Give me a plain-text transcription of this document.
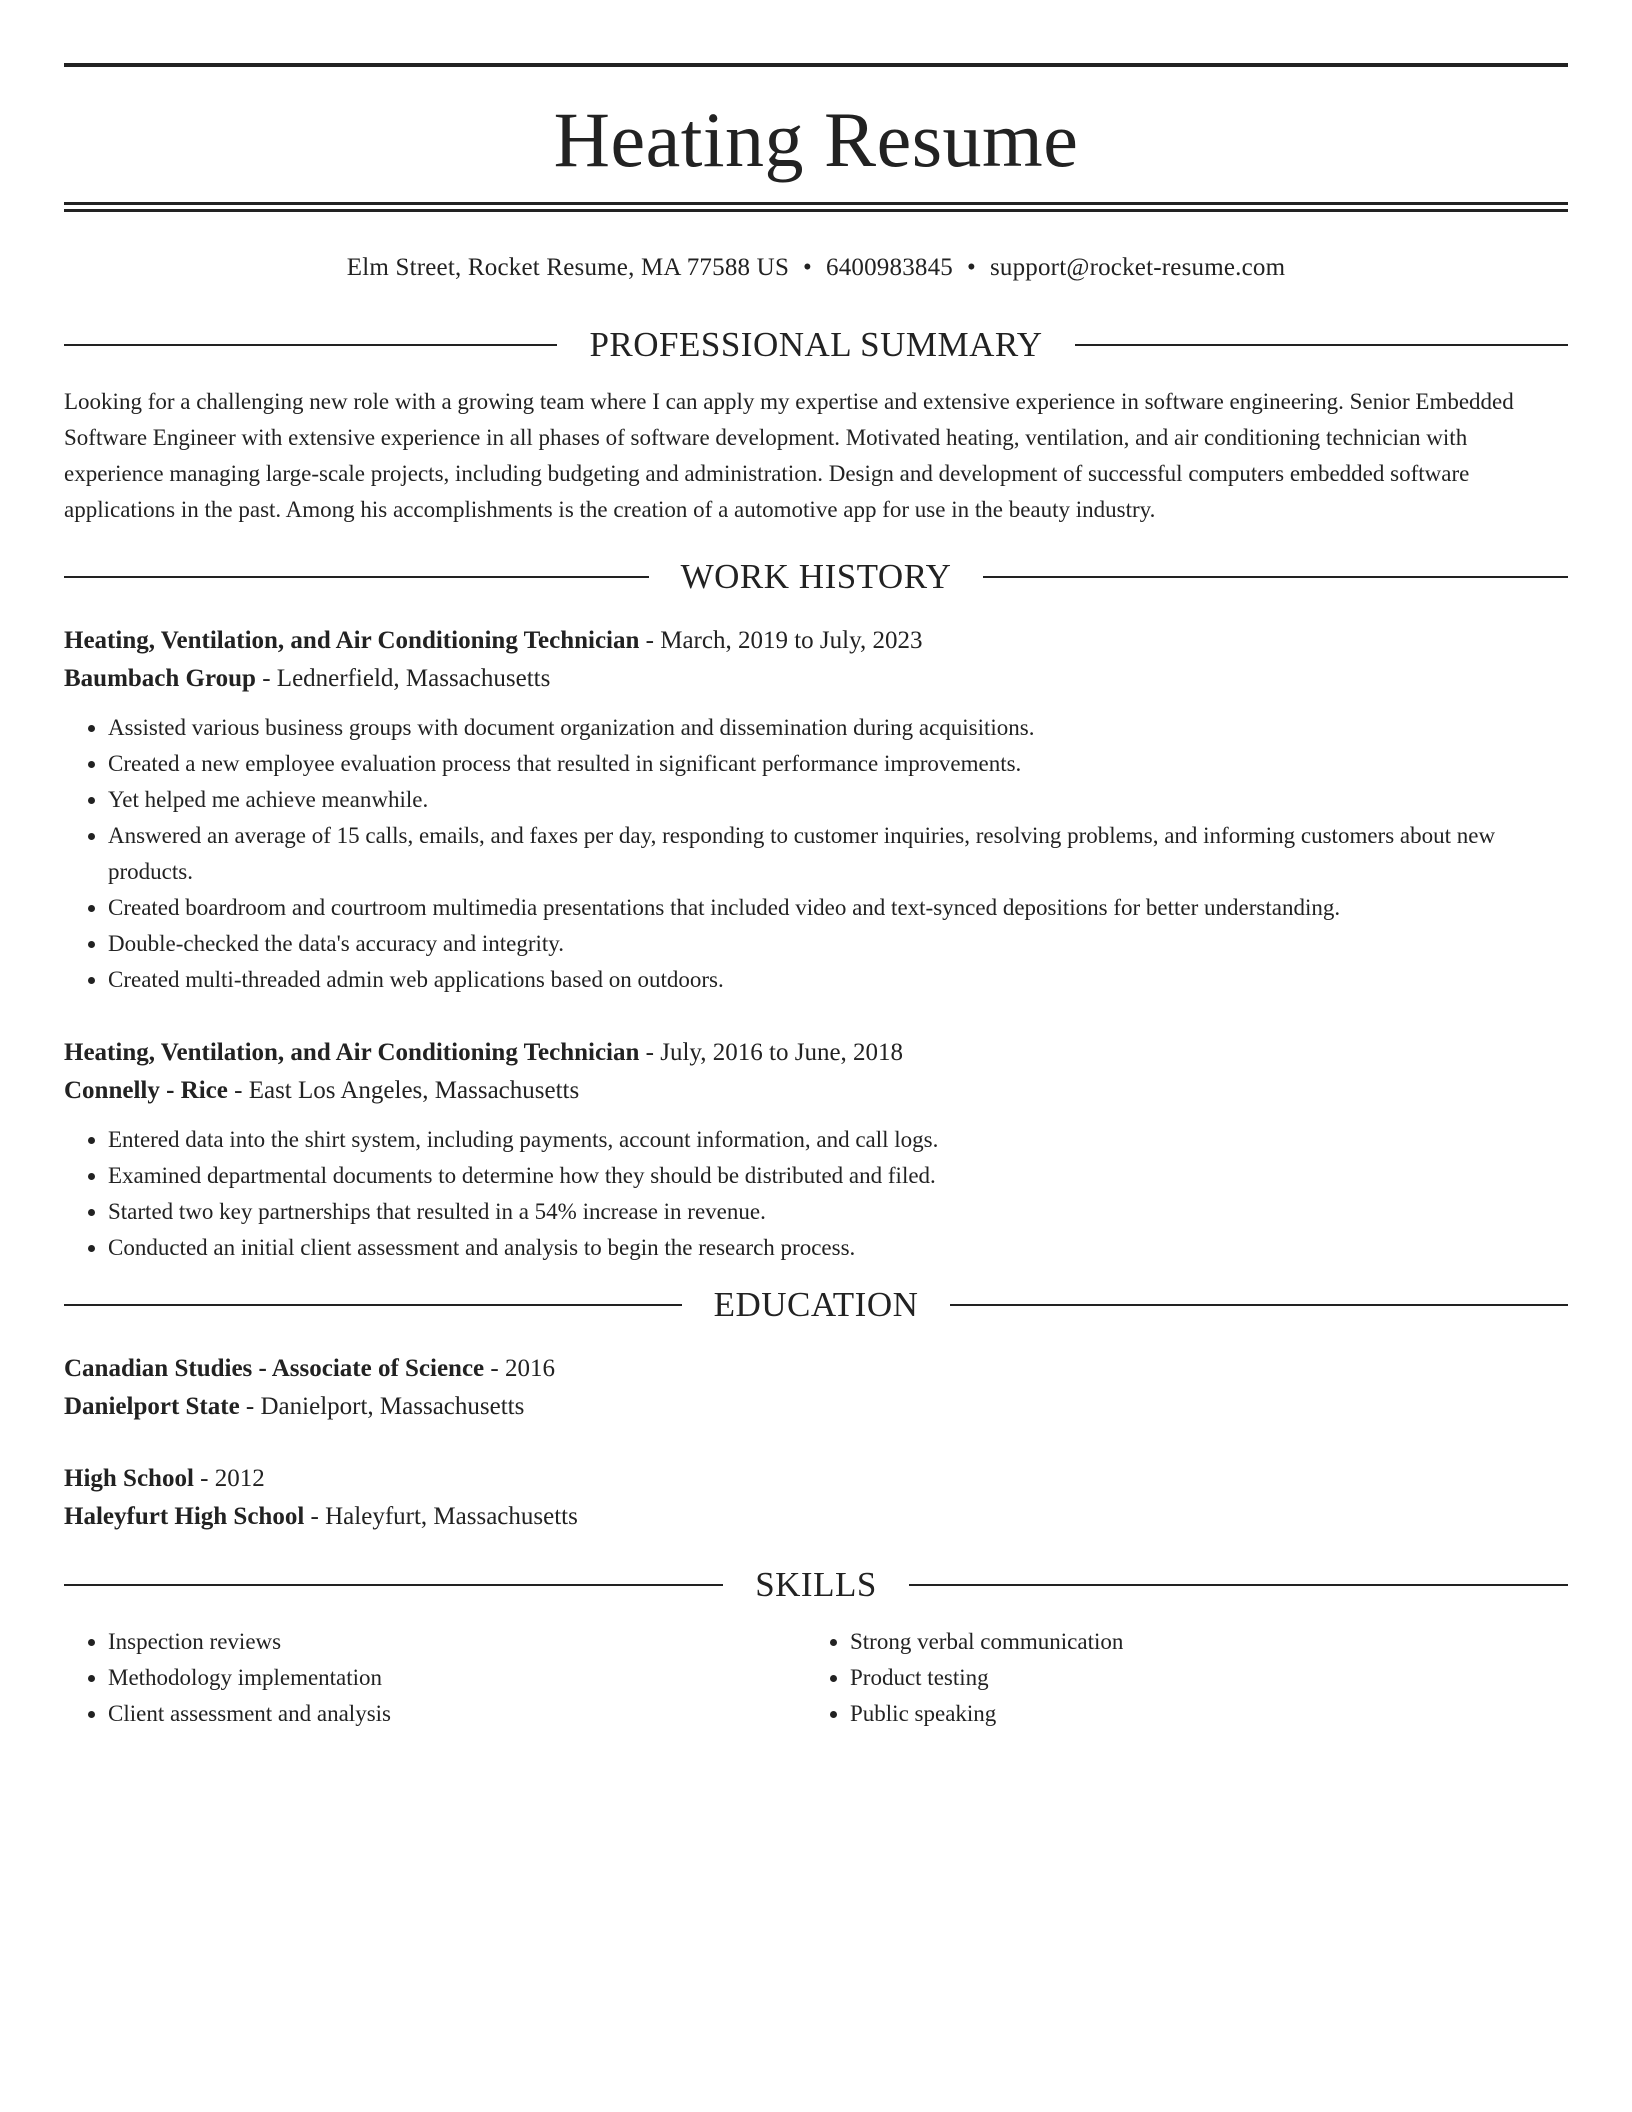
Heating Resume
Elm Street, Rocket Resume, MA 77588 US • 6400983845 • support@rocket-resume.com
PROFESSIONAL SUMMARY
Looking for a challenging new role with a growing team where I can apply my expertise and extensive experience in software engineering. Senior Embedded Software Engineer with extensive experience in all phases of software development. Motivated heating, ventilation, and air conditioning technician with experience managing large-scale projects, including budgeting and administration. Design and development of successful computers embedded software applications in the past. Among his accomplishments is the creation of a automotive app for use in the beauty industry.
WORK HISTORY
Heating, Ventilation, and Air Conditioning Technician - March, 2019 to July, 2023
Baumbach Group - Lednerfield, Massachusetts
• Assisted various business groups with document organization and dissemination during acquisitions.
• Created a new employee evaluation process that resulted in significant performance improvements.
• Yet helped me achieve meanwhile.
• Answered an average of 15 calls, emails, and faxes per day, responding to customer inquiries, resolving problems, and informing customers about new products.
• Created boardroom and courtroom multimedia presentations that included video and text-synced depositions for better understanding.
• Double-checked the data's accuracy and integrity.
• Created multi-threaded admin web applications based on outdoors.
Heating, Ventilation, and Air Conditioning Technician - July, 2016 to June, 2018
Connelly - Rice - East Los Angeles, Massachusetts
• Entered data into the shirt system, including payments, account information, and call logs.
• Examined departmental documents to determine how they should be distributed and filed.
• Started two key partnerships that resulted in a 54% increase in revenue.
• Conducted an initial client assessment and analysis to begin the research process.
EDUCATION
Canadian Studies - Associate of Science - 2016
Danielport State - Danielport, Massachusetts
High School - 2012
Haleyfurt High School - Haleyfurt, Massachusetts
SKILLS
• Inspection reviews
• Methodology implementation
• Client assessment and analysis
• Strong verbal communication
• Product testing
• Public speaking
